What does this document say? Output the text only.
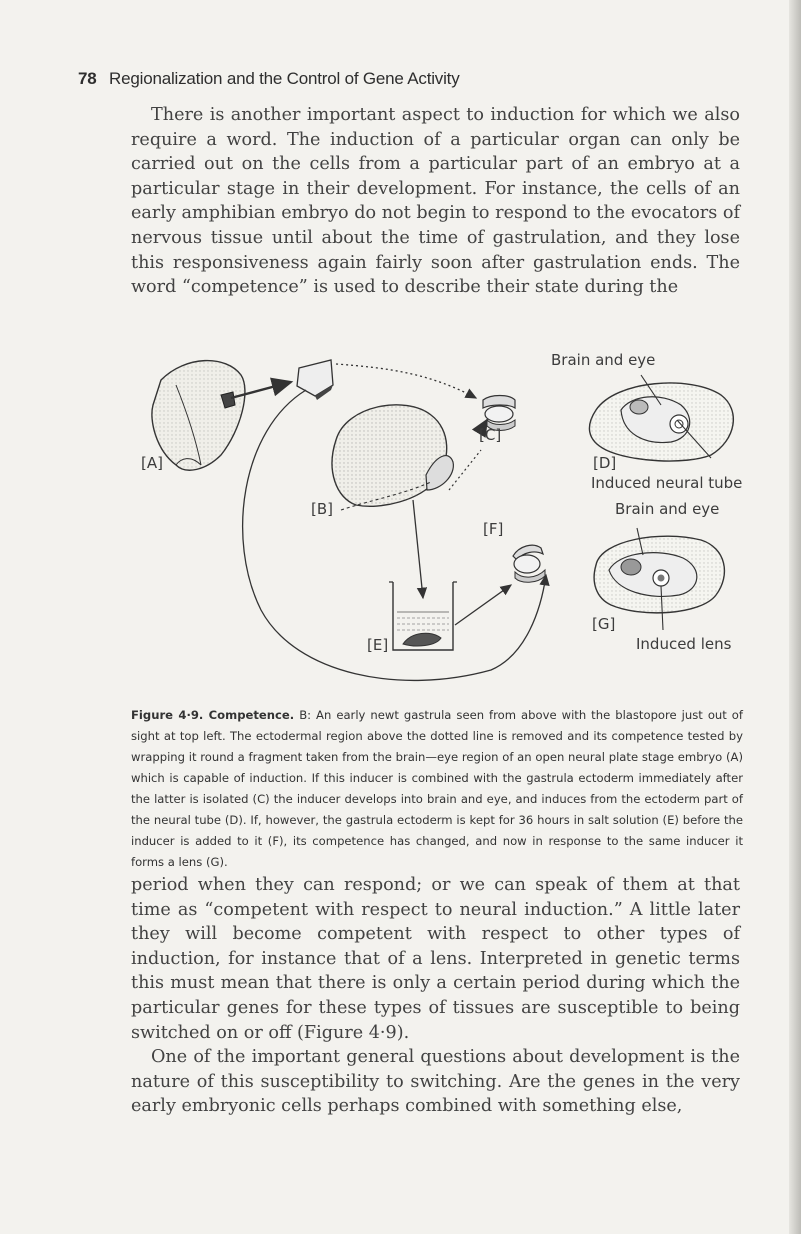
78 Regionalization and the Control of Gene Activity

There is another important aspect to induction for which we also require a word. The induction of a particular organ can only be carried out on the cells from a particular part of an embryo at a particular stage in their development. For instance, the cells of an early amphibian embryo do not begin to respond to the evocators of nervous tissue until about the time of gastrulation, and they lose this responsiveness again fairly soon after gastrulation ends. The word “competence” is used to describe their state during the

[A]
[B]
[C]
[D]
[E]
[F]
[G]
Brain and eye
Induced neural tube
Brain and eye
Induced lens

Figure 4·9. Competence. B: An early newt gastrula seen from above with the blastopore just out of sight at top left. The ectodermal region above the dotted line is removed and its competence tested by wrapping it round a fragment taken from the brain—eye region of an open neural plate stage embryo (A) which is capable of induction. If this inducer is combined with the gastrula ectoderm immediately after the latter is isolated (C) the inducer develops into brain and eye, and induces from the ectoderm part of the neural tube (D). If, however, the gastrula ectoderm is kept for 36 hours in salt solution (E) before the inducer is added to it (F), its competence has changed, and now in response to the same inducer it forms a lens (G).

period when they can respond; or we can speak of them at that time as “competent with respect to neural induction.” A little later they will become competent with respect to other types of induction, for instance that of a lens. Interpreted in genetic terms this must mean that there is only a certain period during which the particular genes for these types of tissues are susceptible to being switched on or off (Figure 4·9).

One of the important general questions about development is the nature of this susceptibility to switching. Are the genes in the very early embryonic cells perhaps combined with something else,
